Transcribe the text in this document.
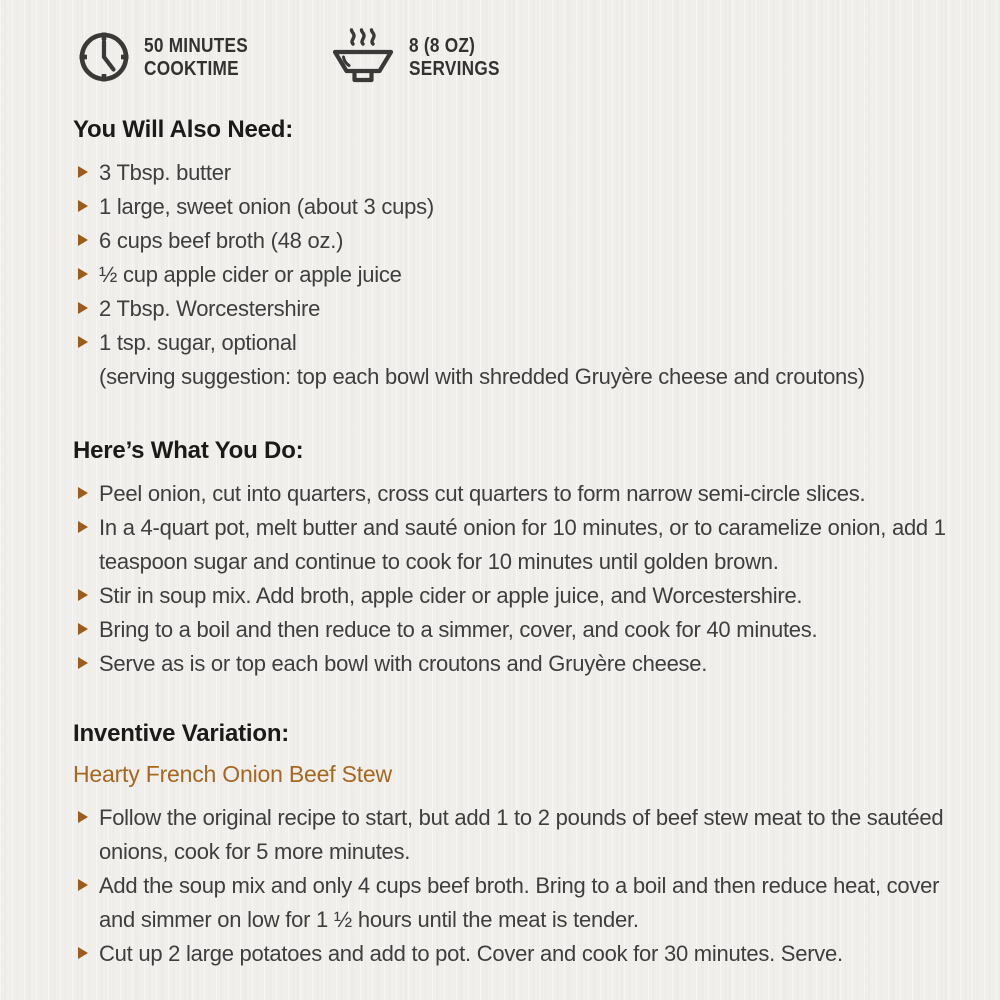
50 MINUTES
COOKTIME
8 (8 OZ)
SERVINGS
You Will Also Need:
3 Tbsp. butter
1 large, sweet onion (about 3 cups)
6 cups beef broth (48 oz.)
½ cup apple cider or apple juice
2 Tbsp. Worcestershire
1 tsp. sugar, optional
(serving suggestion: top each bowl with shredded Gruyère cheese and croutons)
Here’s What You Do:
Peel onion, cut into quarters, cross cut quarters to form narrow semi-circle slices.
In a 4-quart pot, melt butter and sauté onion for 10 minutes, or to caramelize onion, add 1 teaspoon sugar and continue to cook for 10 minutes until golden brown.
Stir in soup mix. Add broth, apple cider or apple juice, and Worcestershire.
Bring to a boil and then reduce to a simmer, cover, and cook for 40 minutes.
Serve as is or top each bowl with croutons and Gruyère cheese.
Inventive Variation:
Hearty French Onion Beef Stew
Follow the original recipe to start, but add 1 to 2 pounds of beef stew meat to the sautéed onions, cook for 5 more minutes.
Add the soup mix and only 4 cups beef broth. Bring to a boil and then reduce heat, cover and simmer on low for 1 ½ hours until the meat is tender.
Cut up 2 large potatoes and add to pot. Cover and cook for 30 minutes. Serve.
